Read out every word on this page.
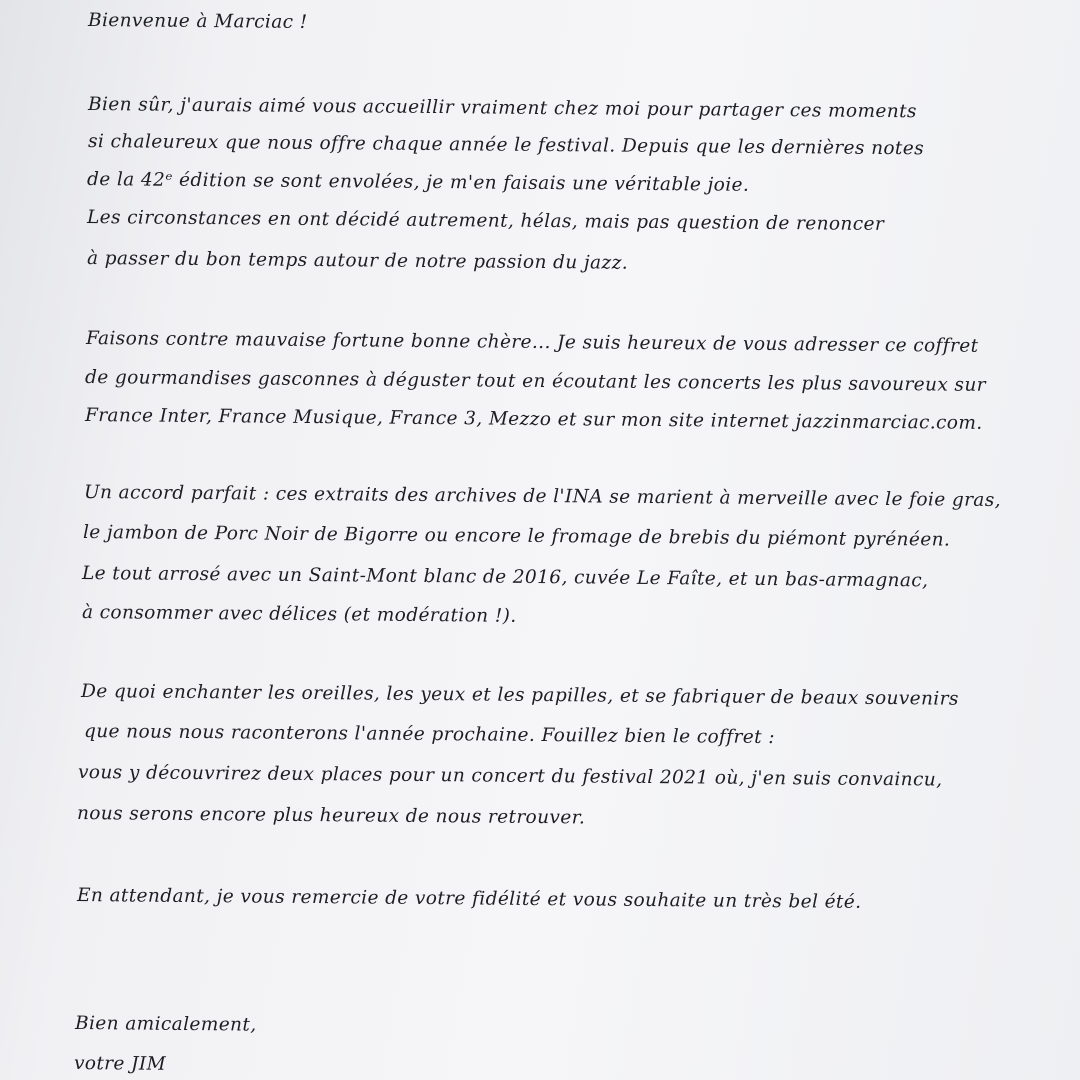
Bienvenue à Marciac !

Bien sûr, j'aurais aimé vous accueillir vraiment chez moi pour partager ces moments

si chaleureux que nous offre chaque année le festival. Depuis que les dernières notes

de la 42ᵉ édition se sont envolées, je m'en faisais une véritable joie.

Les circonstances en ont décidé autrement, hélas, mais pas question de renoncer

à passer du bon temps autour de notre passion du jazz.

Faisons contre mauvaise fortune bonne chère... Je suis heureux de vous adresser ce coffret

de gourmandises gasconnes à déguster tout en écoutant les concerts les plus savoureux sur

France Inter, France Musique, France 3, Mezzo et sur mon site internet jazzinmarciac.com.

Un accord parfait : ces extraits des archives de l'INA se marient à merveille avec le foie gras,

le jambon de Porc Noir de Bigorre ou encore le fromage de brebis du piémont pyrénéen.

Le tout arrosé avec un Saint-Mont blanc de 2016, cuvée Le Faîte, et un bas-armagnac,

à consommer avec délices (et modération !).

De quoi enchanter les oreilles, les yeux et les papilles, et se fabriquer de beaux souvenirs

que nous nous raconterons l'année prochaine. Fouillez bien le coffret :

vous y découvrirez deux places pour un concert du festival 2021 où, j'en suis convaincu,

nous serons encore plus heureux de nous retrouver.

En attendant, je vous remercie de votre fidélité et vous souhaite un très bel été.

Bien amicalement,

votre JIM
